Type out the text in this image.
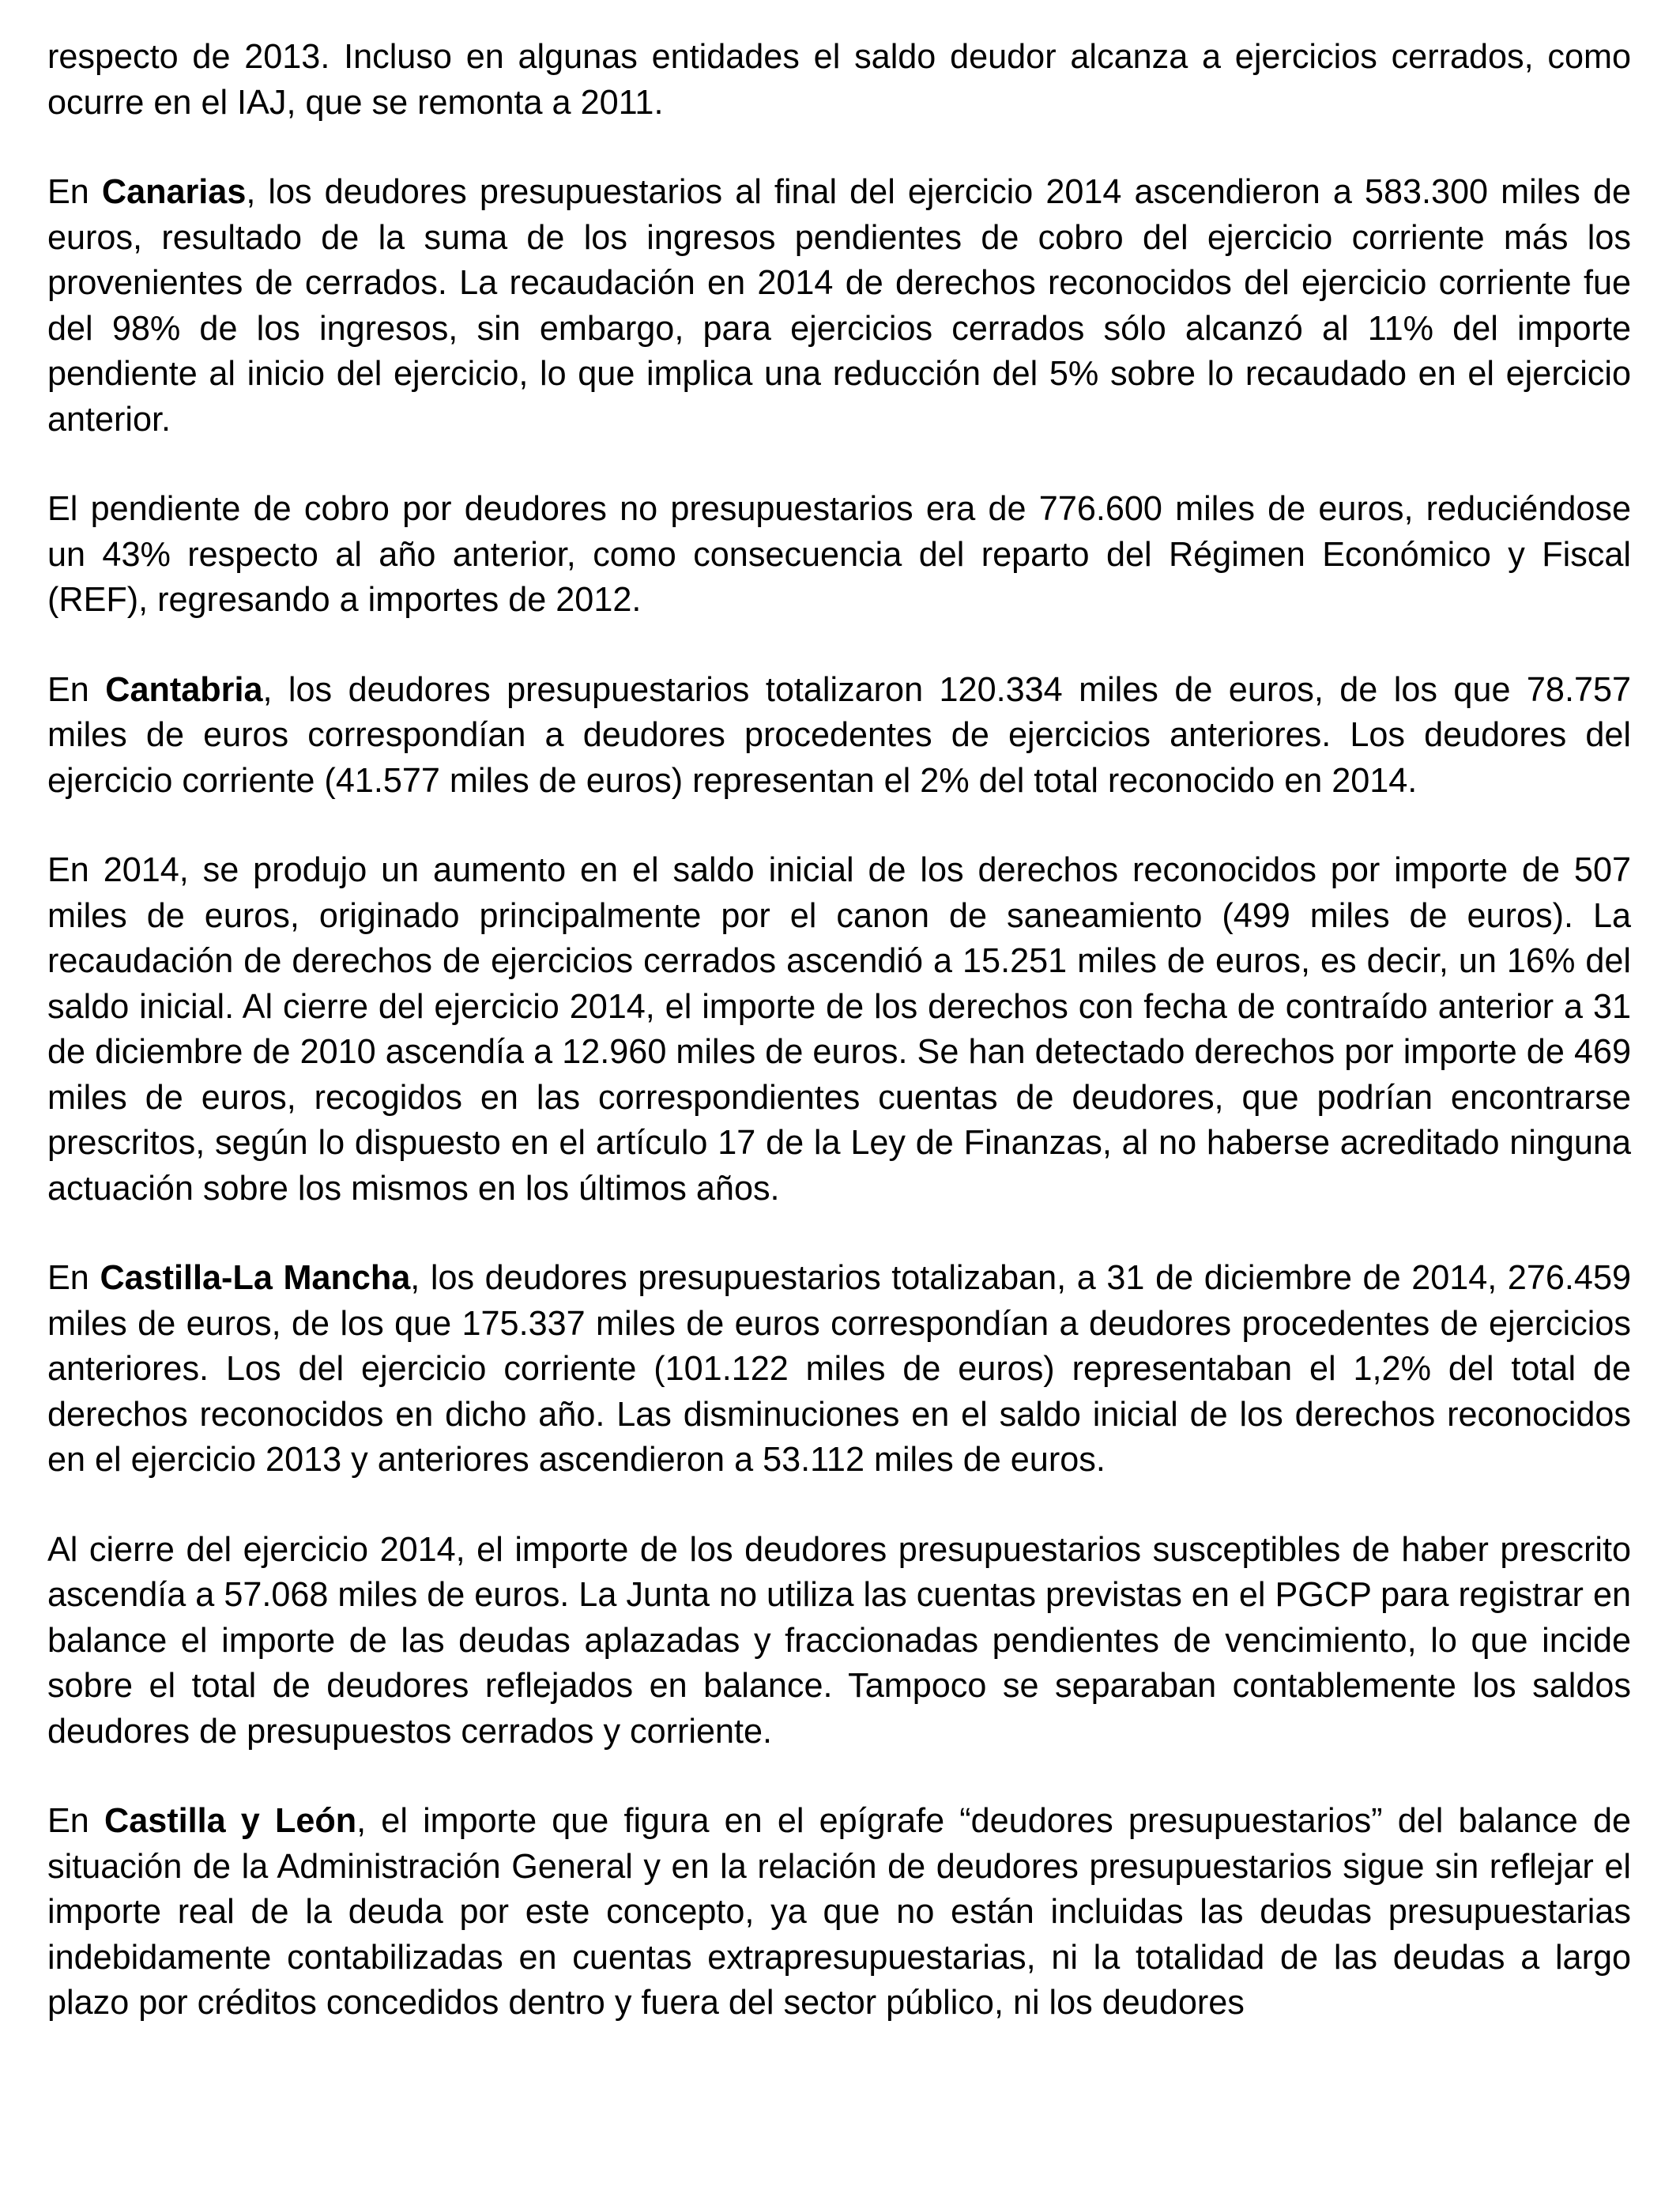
respecto de 2013. Incluso en algunas entidades el saldo deudor alcanza a ejercicios cerrados, como ocurre en el IAJ, que se remonta a 2011.

En Canarias, los deudores presupuestarios al final del ejercicio 2014 ascendieron a 583.300 miles de euros, resultado de la suma de los ingresos pendientes de cobro del ejercicio corriente más los provenientes de cerrados. La recaudación en 2014 de derechos reconocidos del ejercicio corriente fue del 98% de los ingresos, sin embargo, para ejercicios cerrados sólo alcanzó al 11% del importe pendiente al inicio del ejercicio, lo que implica una reducción del 5% sobre lo recaudado en el ejercicio anterior.

El pendiente de cobro por deudores no presupuestarios era de 776.600 miles de euros, reduciéndose un 43% respecto al año anterior, como consecuencia del reparto del Régimen Económico y Fiscal (REF), regresando a importes de 2012.

En Cantabria, los deudores presupuestarios totalizaron 120.334 miles de euros, de los que 78.757 miles de euros correspondían a deudores procedentes de ejercicios anteriores. Los deudores del ejercicio corriente (41.577 miles de euros) representan el 2% del total reconocido en 2014.

En 2014, se produjo un aumento en el saldo inicial de los derechos reconocidos por importe de 507 miles de euros, originado principalmente por el canon de saneamiento (499 miles de euros). La recaudación de derechos de ejercicios cerrados ascendió a 15.251 miles de euros, es decir, un 16% del saldo inicial. Al cierre del ejercicio 2014, el importe de los derechos con fecha de contraído anterior a 31 de diciembre de 2010 ascendía a 12.960 miles de euros. Se han detectado derechos por importe de 469 miles de euros, recogidos en las correspondientes cuentas de deudores, que podrían encontrarse prescritos, según lo dispuesto en el artículo 17 de la Ley de Finanzas, al no haberse acreditado ninguna actuación sobre los mismos en los últimos años.

En Castilla-La Mancha, los deudores presupuestarios totalizaban, a 31 de diciembre de 2014, 276.459 miles de euros, de los que 175.337 miles de euros correspondían a deudores procedentes de ejercicios anteriores. Los del ejercicio corriente (101.122 miles de euros) representaban el 1,2% del total de derechos reconocidos en dicho año. Las disminuciones en el saldo inicial de los derechos reconocidos en el ejercicio 2013 y anteriores ascendieron a 53.112 miles de euros.

Al cierre del ejercicio 2014, el importe de los deudores presupuestarios susceptibles de haber prescrito ascendía a 57.068 miles de euros. La Junta no utiliza las cuentas previstas en el PGCP para registrar en balance el importe de las deudas aplazadas y fraccionadas pendientes de vencimiento, lo que incide sobre el total de deudores reflejados en balance. Tampoco se separaban contablemente los saldos deudores de presupuestos cerrados y corriente.

En Castilla y León, el importe que figura en el epígrafe “deudores presupuestarios” del balance de situación de la Administración General y en la relación de deudores presupuestarios sigue sin reflejar el importe real de la deuda por este concepto, ya que no están incluidas las deudas presupuestarias indebidamente contabilizadas en cuentas extrapresupuestarias, ni la totalidad de las deudas a largo plazo por créditos concedidos dentro y fuera del sector público, ni los deudores
